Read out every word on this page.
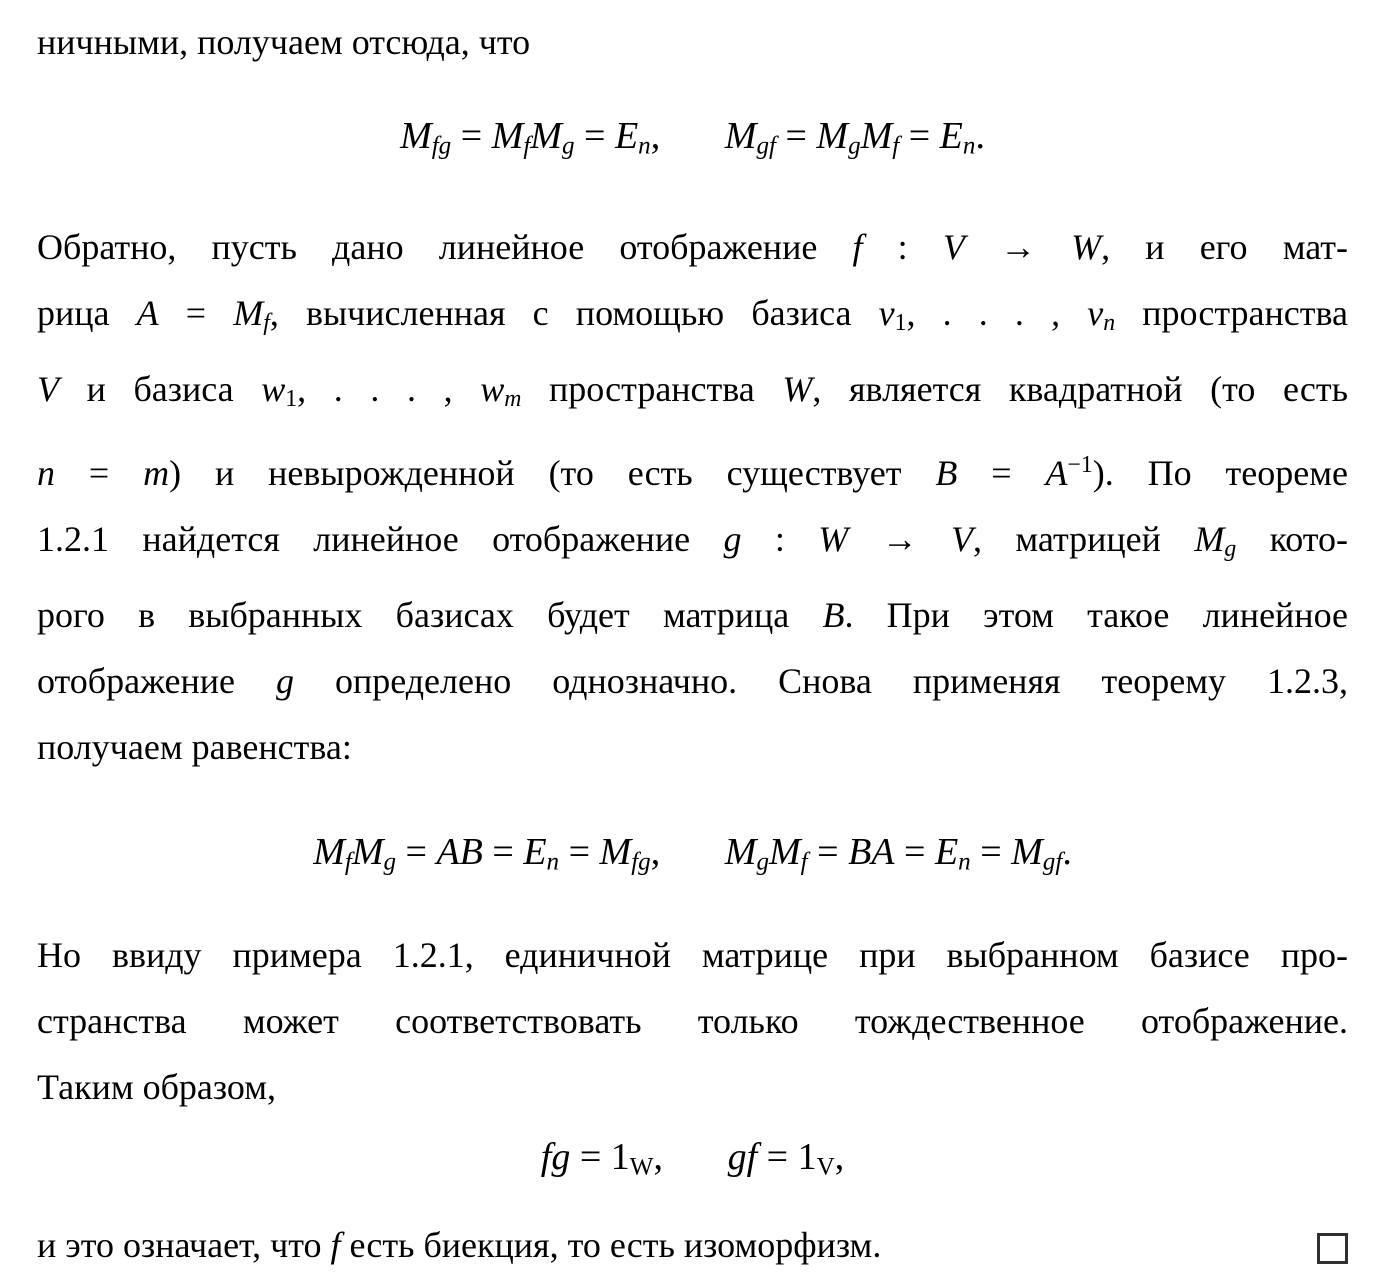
ничными, получаем отсюда, что
Mfg = MfMg = En, Mgf = MgMf = En.
Обратно, пусть дано линейное отображение f : V → W, и его мат-
рица A = Mf, вычисленная с помощью базиса $v_1$, . . . , vn пространства
V и базиса $w_1$, . . . , wm пространства W, является квадратной (то есть
n = m) и невырожденной (то есть существует $B = A^{-1}$). По теореме
1.2.1 найдется линейное отображение g : W → V, матрицей Mg кото-
рого в выбранных базисах будет матрица B. При этом такое линейное
отображение g определено однозначно. Снова применяя теорему 1.2.3,
получаем равенства:
MfMg = AB = En = Mfg, MgMf = BA = En = Mgf.
Но ввиду примера 1.2.1, единичной матрице при выбранном базисе про-
странства может соответствовать только тождественное отображение.
Таким образом,
fg = $1_W$, gf = $1_V$,
и это означает, что f есть биекция, то есть изоморфизм.
